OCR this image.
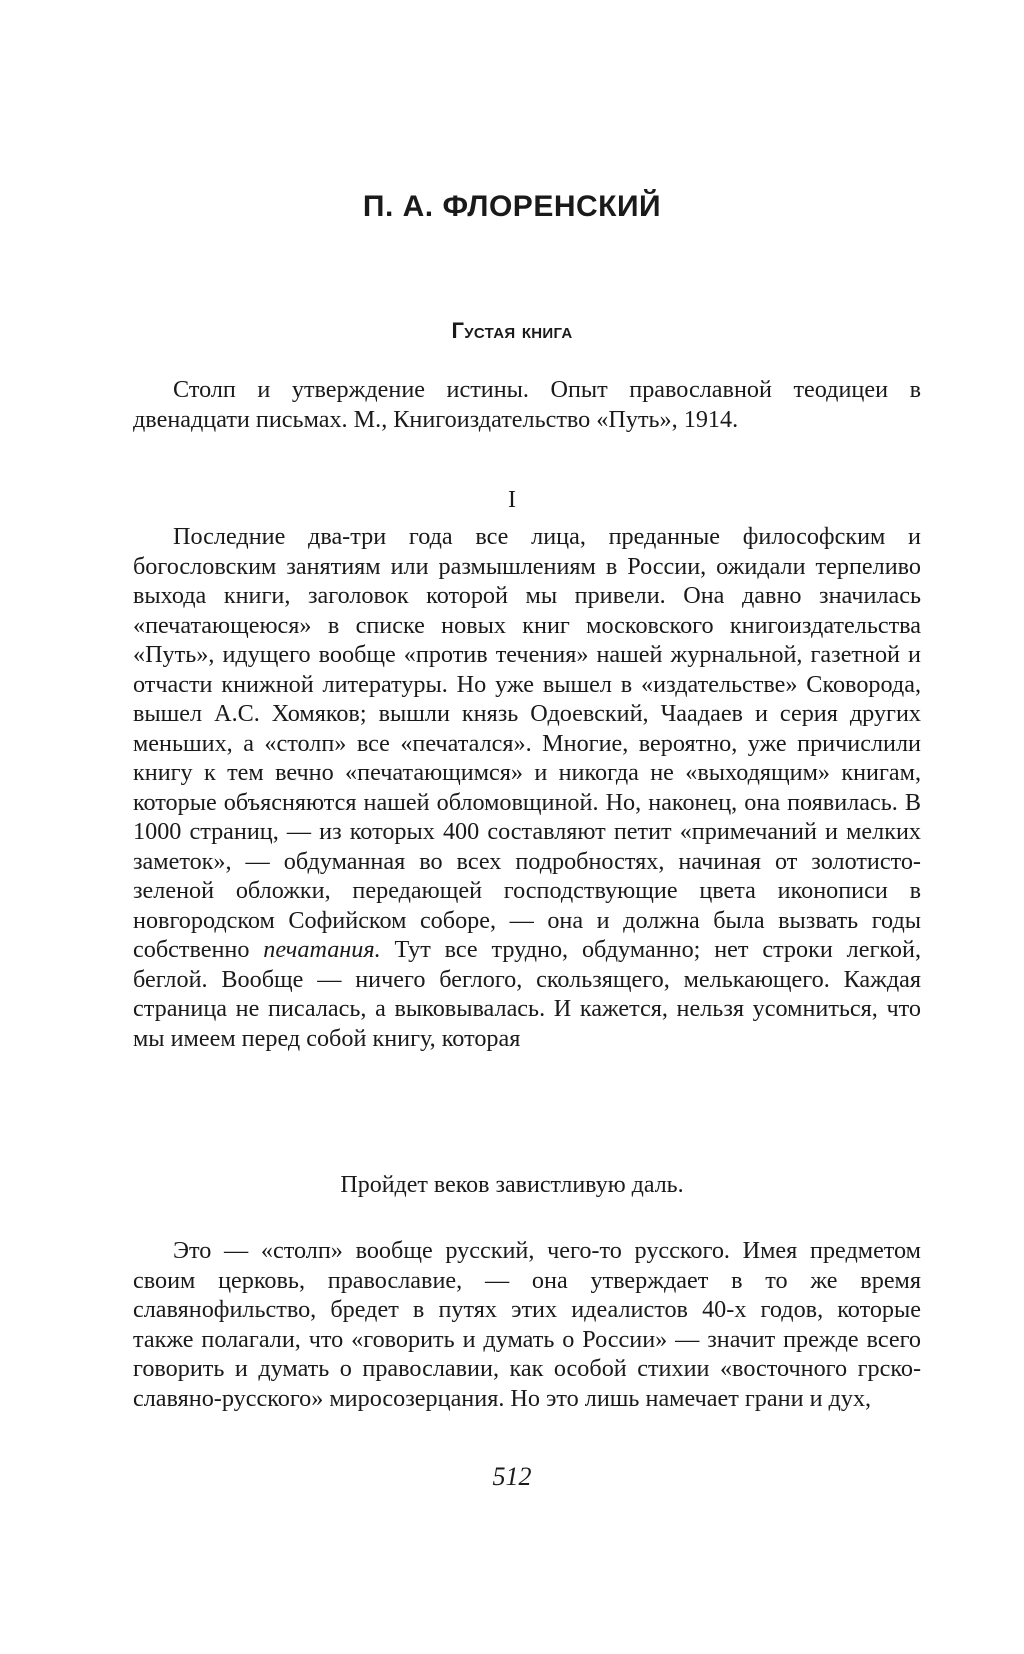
П. А. ФЛОРЕНСКИЙ
Густая книга

Столп и утверждение истины. Опыт православной теодицеи в двенадцати письмах. М., Книгоиздательство «Путь», 1914.

I

Последние два-три года все лица, преданные философским и богословским занятиям или размышлениям в России, ожидали терпеливо выхода книги, заголовок которой мы привели. Она давно значилась «печатающеюся» в списке новых книг московского книгоиздательства «Путь», идущего вообще «против течения» нашей журнальной, газетной и отчасти книжной литературы. Но уже вышел в «издательстве» Сковорода, вышел А.С. Хомяков; вышли князь Одоевский, Чаадаев и серия других меньших, а «столп» все «печатался». Многие, вероятно, уже причислили книгу к тем вечно «печатающимся» и никогда не «выходящим» книгам, которые объясняются нашей обломовщиной. Но, наконец, она появилась. В 1000 страниц, — из которых 400 составляют петит «примечаний и мелких заметок», — обдуманная во всех подробностях, начиная от золотисто-зеленой обложки, передающей господствующие цвета иконописи в новгородском Софийском соборе, — она и должна была вызвать годы собственно печатания. Тут все трудно, обдуманно; нет строки легкой, беглой. Вообще — ничего беглого, скользящего, мелькающего. Каждая страница не писалась, а выковывалась. И кажется, нельзя усомниться, что мы имеем перед собой книгу, которая

Пройдет веков завистливую даль.

Это — «столп» вообще русский, чего-то русского. Имея предметом своим церковь, православие, — она утверждает в то же время славянофильство, бредет в путях этих идеалистов 40-х годов, которые также полагали, что «говорить и думать о России» — значит прежде всего говорить и думать о православии, как особой стихии «восточного грско-славяно-русского» миросозерцания. Но это лишь намечает грани и дух,

512
